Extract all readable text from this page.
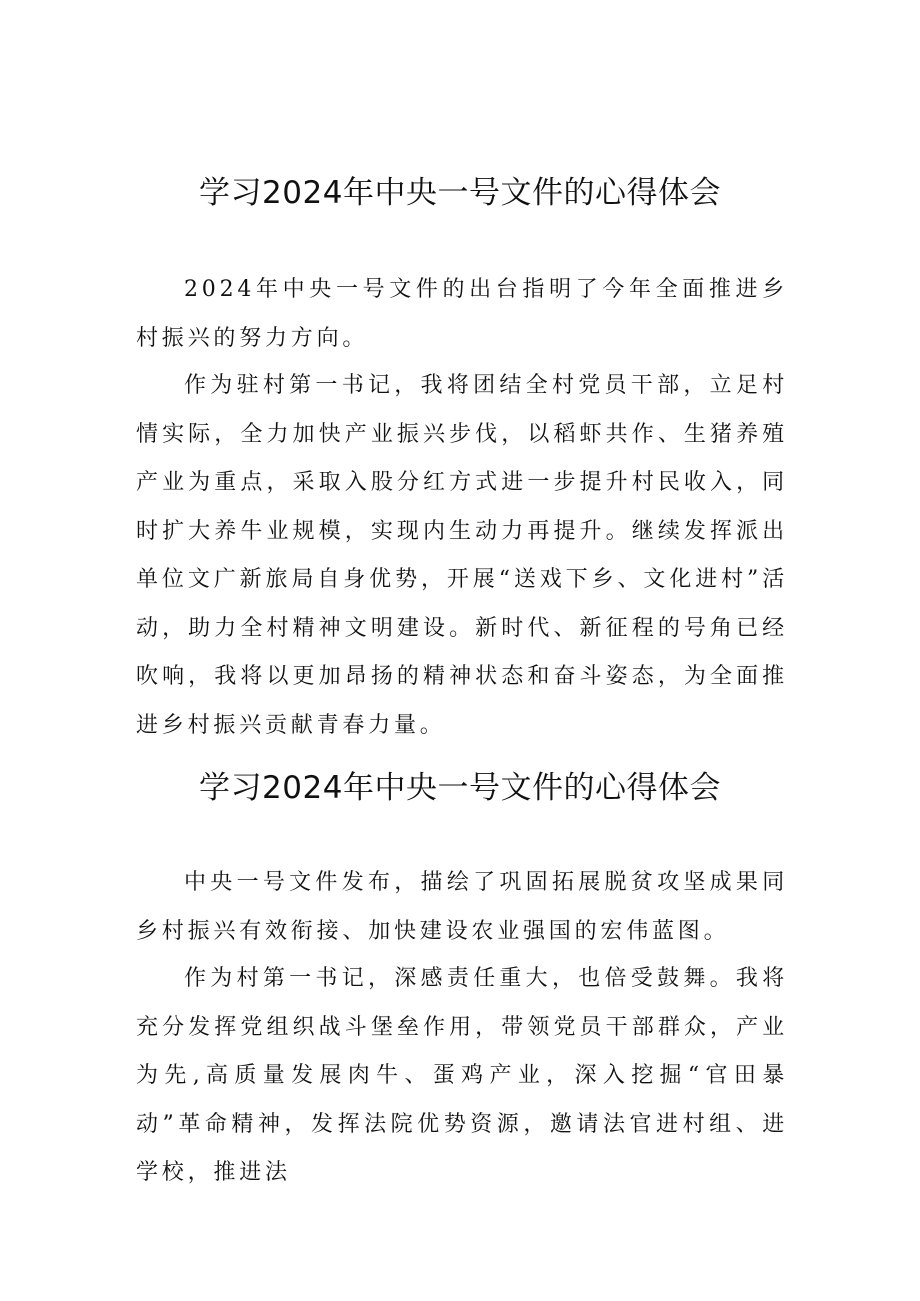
学习2024年中央一号文件的心得体会

2024年中央一号文件的出台指明了今年全面推进乡村振兴的努力方向。

作为驻村第一书记，我将团结全村党员干部，立足村情实际，全力加快产业振兴步伐，以稻虾共作、生猪养殖产业为重点，采取入股分红方式进一步提升村民收入，同时扩大养牛业规模，实现内生动力再提升。继续发挥派出单位文广新旅局自身优势，开展“送戏下乡、文化进村”活动，助力全村精神文明建设。新时代、新征程的号角已经吹响，我将以更加昂扬的精神状态和奋斗姿态，为全面推进乡村振兴贡献青春力量。

学习2024年中央一号文件的心得体会

中央一号文件发布，描绘了巩固拓展脱贫攻坚成果同乡村振兴有效衔接、加快建设农业强国的宏伟蓝图。

作为村第一书记，深感责任重大，也倍受鼓舞。我将充分发挥党组织战斗堡垒作用，带领党员干部群众，产业为先,高质量发展肉牛、蛋鸡产业，深入挖掘“官田暴动”革命精神，发挥法院优势资源，邀请法官进村组、进学校，推进法
